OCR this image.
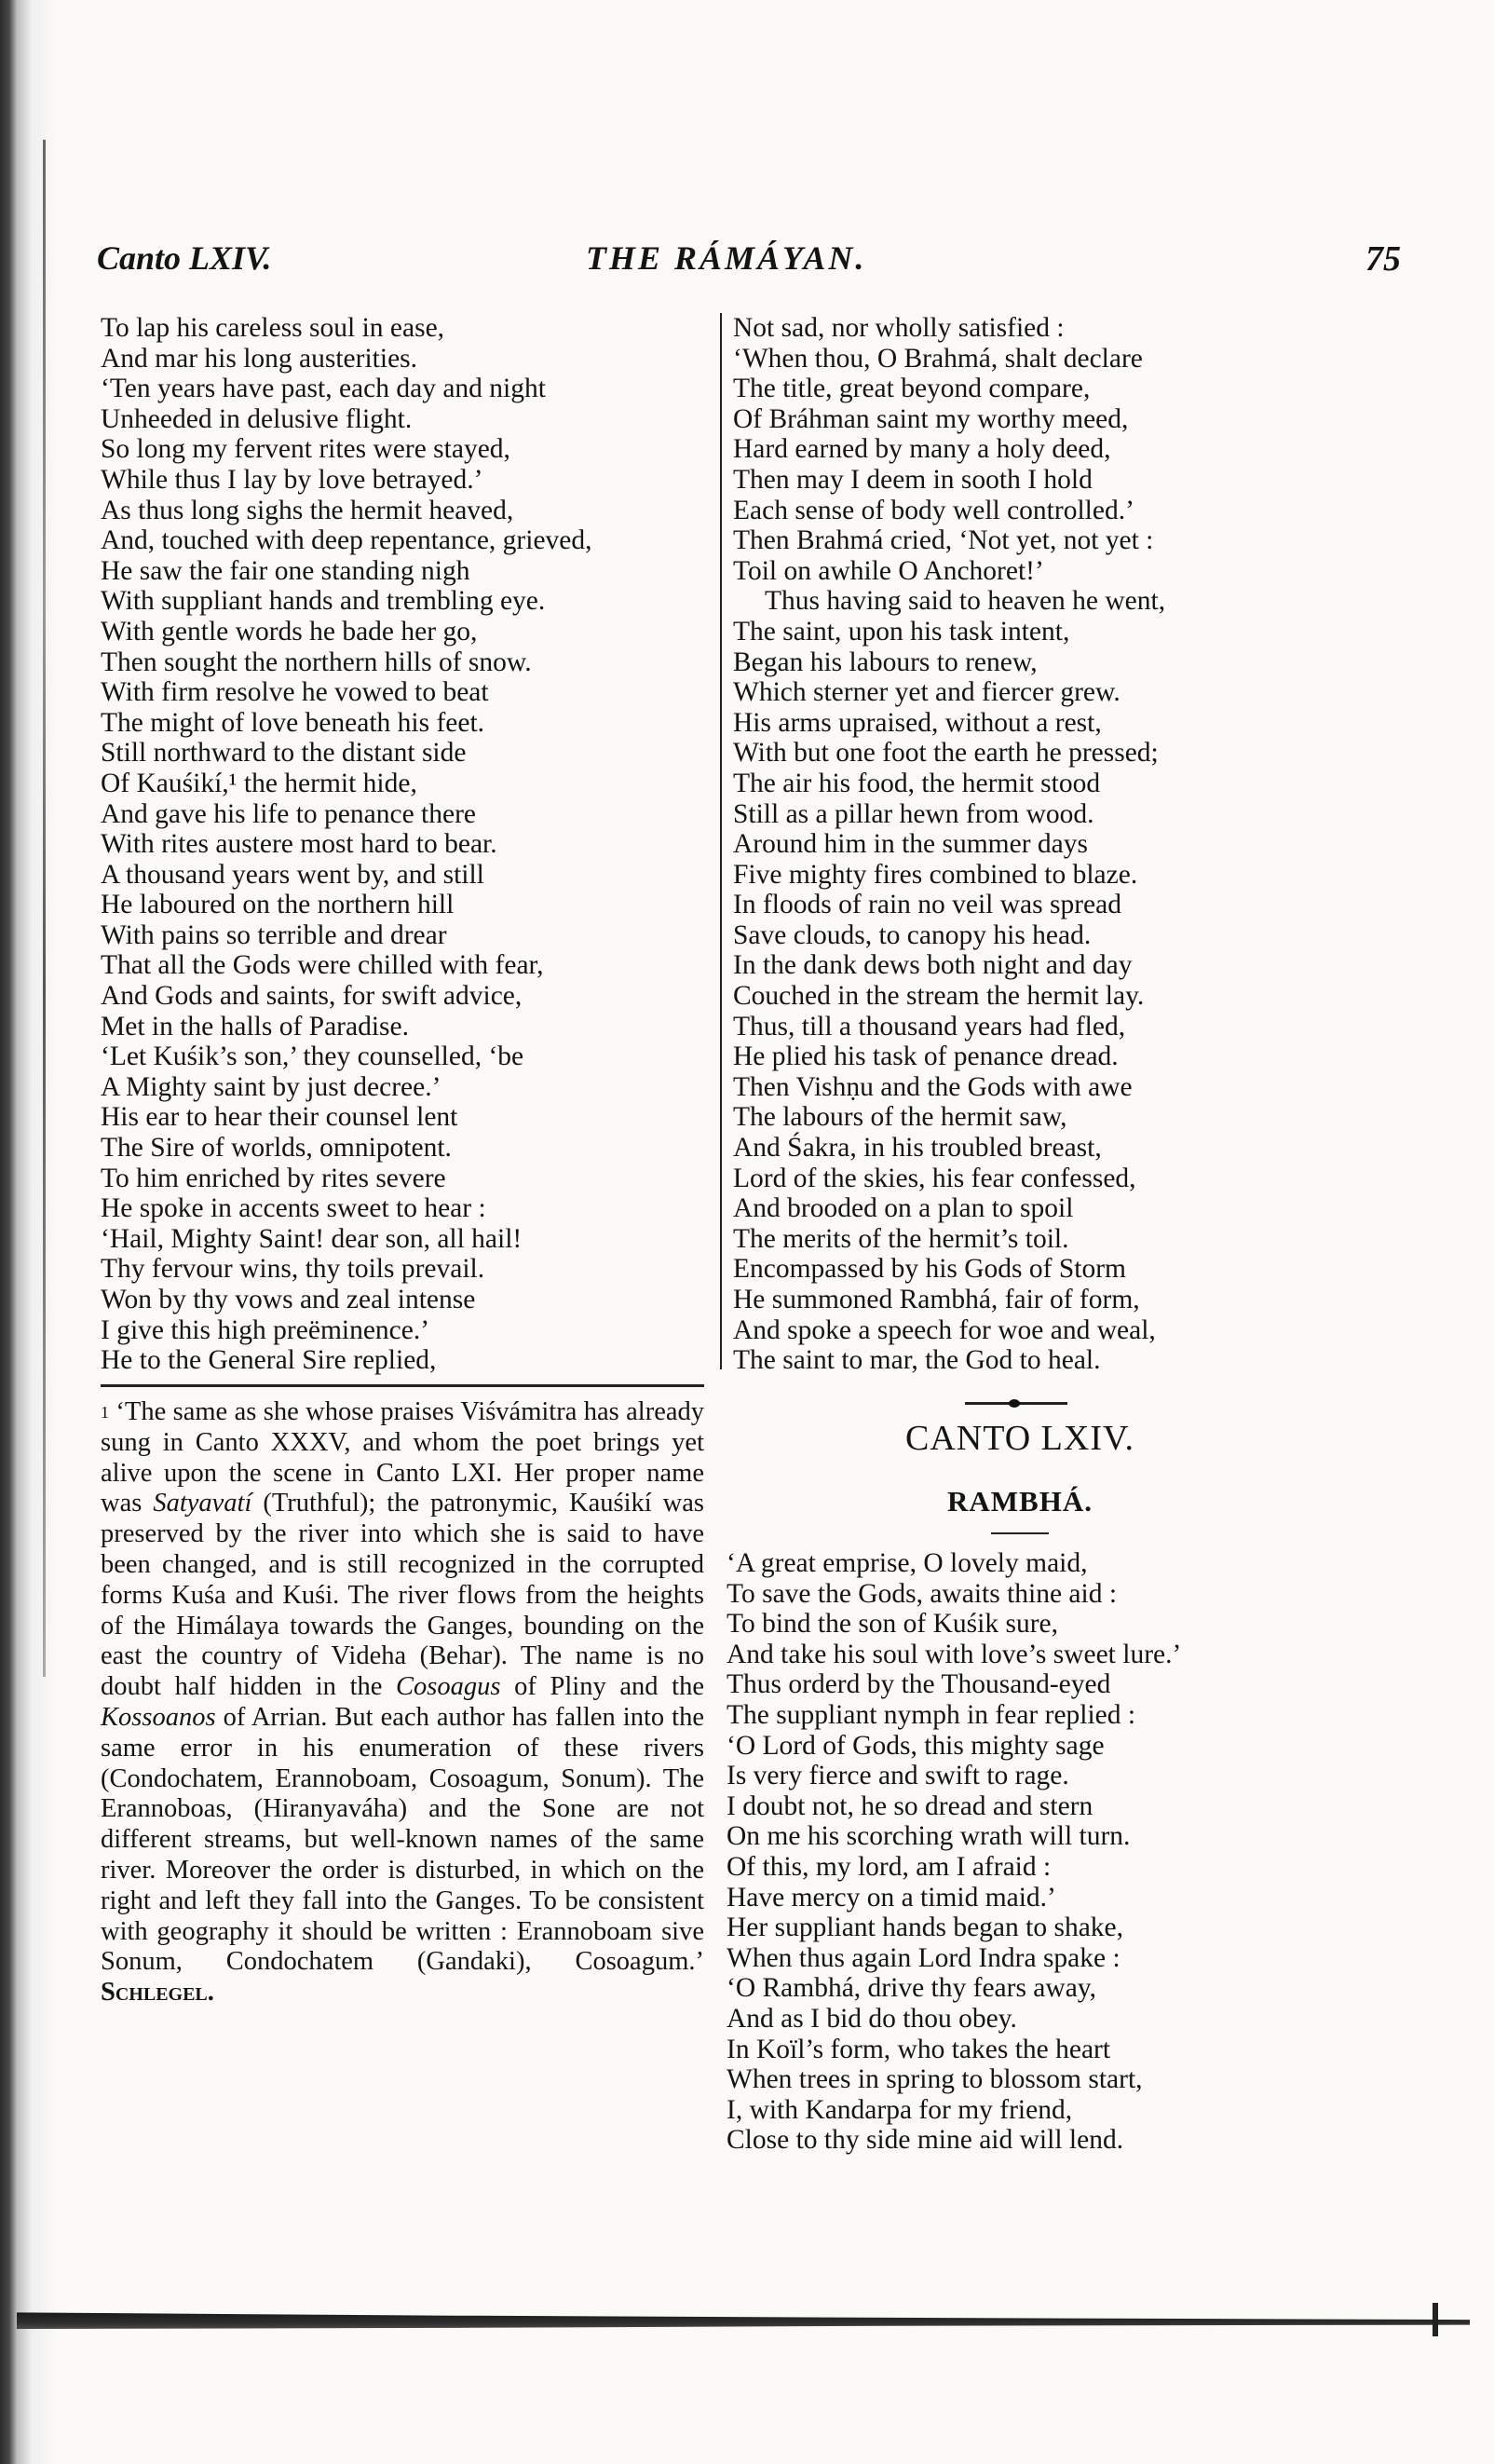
Canto LXIV.	THE RÁMÁYAN.	75
To lap his careless soul in ease,
And mar his long austerities.
‘Ten years have past, each day and night
Unheeded in delusive flight.
So long my fervent rites were stayed,
While thus I lay by love betrayed.’
As thus long sighs the hermit heaved,
And, touched with deep repentance, grieved,
He saw the fair one standing nigh
With suppliant hands and trembling eye.
With gentle words he bade her go,
Then sought the northern hills of snow.
With firm resolve he vowed to beat
The might of love beneath his feet.
Still northward to the distant side
Of Kauśikí,¹ the hermit hide,
And gave his life to penance there
With rites austere most hard to bear.
A thousand years went by, and still
He laboured on the northern hill
With pains so terrible and drear
That all the Gods were chilled with fear,
And Gods and saints, for swift advice,
Met in the halls of Paradise.
‘Let Kuśik’s son,’ they counselled, ‘be
A Mighty saint by just decree.’
His ear to hear their counsel lent
The Sire of worlds, omnipotent.
To him enriched by rites severe
He spoke in accents sweet to hear :
‘Hail, Mighty Saint! dear son, all hail!
Thy fervour wins, thy toils prevail.
Won by thy vows and zeal intense
I give this high preëminence.’
He to the General Sire replied,
Not sad, nor wholly satisfied :
‘When thou, O Brahmá, shalt declare
The title, great beyond compare,
Of Bráhman saint my worthy meed,
Hard earned by many a holy deed,
Then may I deem in sooth I hold
Each sense of body well controlled.’
Then Brahmá cried, ‘Not yet, not yet :
Toil on awhile O Anchoret!’
Thus having said to heaven he went,
The saint, upon his task intent,
Began his labours to renew,
Which sterner yet and fiercer grew.
His arms upraised, without a rest,
With but one foot the earth he pressed;
The air his food, the hermit stood
Still as a pillar hewn from wood.
Around him in the summer days
Five mighty fires combined to blaze.
In floods of rain no veil was spread
Save clouds, to canopy his head.
In the dank dews both night and day
Couched in the stream the hermit lay.
Thus, till a thousand years had fled,
He plied his task of penance dread.
Then Vishṇu and the Gods with awe
The labours of the hermit saw,
And Śakra, in his troubled breast,
Lord of the skies, his fear confessed,
And brooded on a plan to spoil
The merits of the hermit’s toil.
Encompassed by his Gods of Storm
He summoned Rambhá, fair of form,
And spoke a speech for woe and weal,
The saint to mar, the God to heal.
$^1$ ‘The same as she whose praises Viśvámitra has already sung in Canto XXXV, and whom the poet brings yet alive upon the scene in Canto LXI. Her proper name was Satyavatí (Truthful); the patronymic, Kauśikí was preserved by the river into which she is said to have been changed, and is still recognized in the corrupted forms Kuśa and Kuśi. The river flows from the heights of the Himálaya towards the Ganges, bounding on the east the country of Videha (Behar). The name is no doubt half hidden in the Cosoagus of Pliny and the Kossoanos of Arrian. But each author has fallen into the same error in his enumeration of these rivers (Condochatem, Erannoboam, Cosoagum, Sonum). The Erannoboas, (Hiranyaváha) and the Sone are not different streams, but well-known names of the same river. Moreover the order is disturbed, in which on the right and left they fall into the Ganges. To be consistent with geography it should be written : Erannoboam sive Sonum, Condochatem (Gandaki), Cosoagum.’ Schlegel.
CANTO LXIV.
RAMBHÁ.
‘A great emprise, O lovely maid,
To save the Gods, awaits thine aid :
To bind the son of Kuśik sure,
And take his soul with love’s sweet lure.’
Thus orderd by the Thousand-eyed
The suppliant nymph in fear replied :
‘O Lord of Gods, this mighty sage
Is very fierce and swift to rage.
I doubt not, he so dread and stern
On me his scorching wrath will turn.
Of this, my lord, am I afraid :
Have mercy on a timid maid.’
Her suppliant hands began to shake,
When thus again Lord Indra spake :
‘O Rambhá, drive thy fears away,
And as I bid do thou obey.
In Koïl’s form, who takes the heart
When trees in spring to blossom start,
I, with Kandarpa for my friend,
Close to thy side mine aid will lend.
